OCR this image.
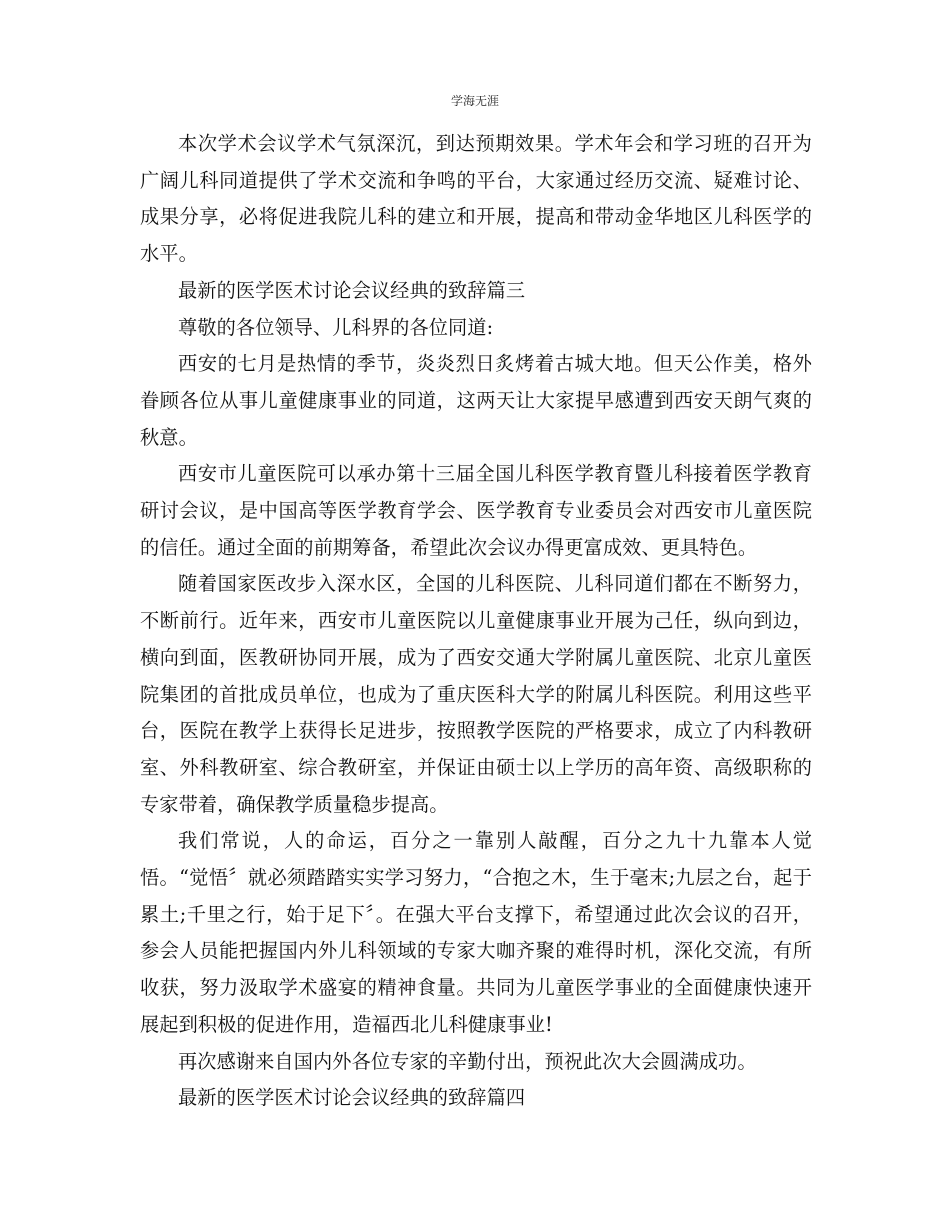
学海无涯

本次学术会议学术气氛深沉，到达预期效果。学术年会和学习班的召开为广阔儿科同道提供了学术交流和争鸣的平台，大家通过经历交流、疑难讨论、成果分享，必将促进我院儿科的建立和开展，提高和带动金华地区儿科医学的水平。

最新的医学医术讨论会议经典的致辞篇三

尊敬的各位领导、儿科界的各位同道:

西安的七月是热情的季节，炎炎烈日炙烤着古城大地。但天公作美，格外眷顾各位从事儿童健康事业的同道，这两天让大家提早感遭到西安天朗气爽的秋意。

西安市儿童医院可以承办第十三届全国儿科医学教育暨儿科接着医学教育研讨会议，是中国高等医学教育学会、医学教育专业委员会对西安市儿童医院的信任。通过全面的前期筹备，希望此次会议办得更富成效、更具特色。

随着国家医改步入深水区，全国的儿科医院、儿科同道们都在不断努力，不断前行。近年来，西安市儿童医院以儿童健康事业开展为己任，纵向到边，横向到面，医教研协同开展，成为了西安交通大学附属儿童医院、北京儿童医院集团的首批成员单位，也成为了重庆医科大学的附属儿科医院。利用这些平台，医院在教学上获得长足进步，按照教学医院的严格要求，成立了内科教研室、外科教研室、综合教研室，并保证由硕士以上学历的高年资、高级职称的专家带着，确保教学质量稳步提高。

我们常说，人的命运，百分之一靠别人敲醒，百分之九十九靠本人觉悟。“觉悟〞就必须踏踏实实学习努力，“合抱之木，生于毫末;九层之台，起于累土;千里之行，始于足下〞。在强大平台支撑下，希望通过此次会议的召开，参会人员能把握国内外儿科领域的专家大咖齐聚的难得时机，深化交流，有所收获，努力汲取学术盛宴的精神食量。共同为儿童医学事业的全面健康快速开展起到积极的促进作用，造福西北儿科健康事业!

再次感谢来自国内外各位专家的辛勤付出，预祝此次大会圆满成功。

最新的医学医术讨论会议经典的致辞篇四
